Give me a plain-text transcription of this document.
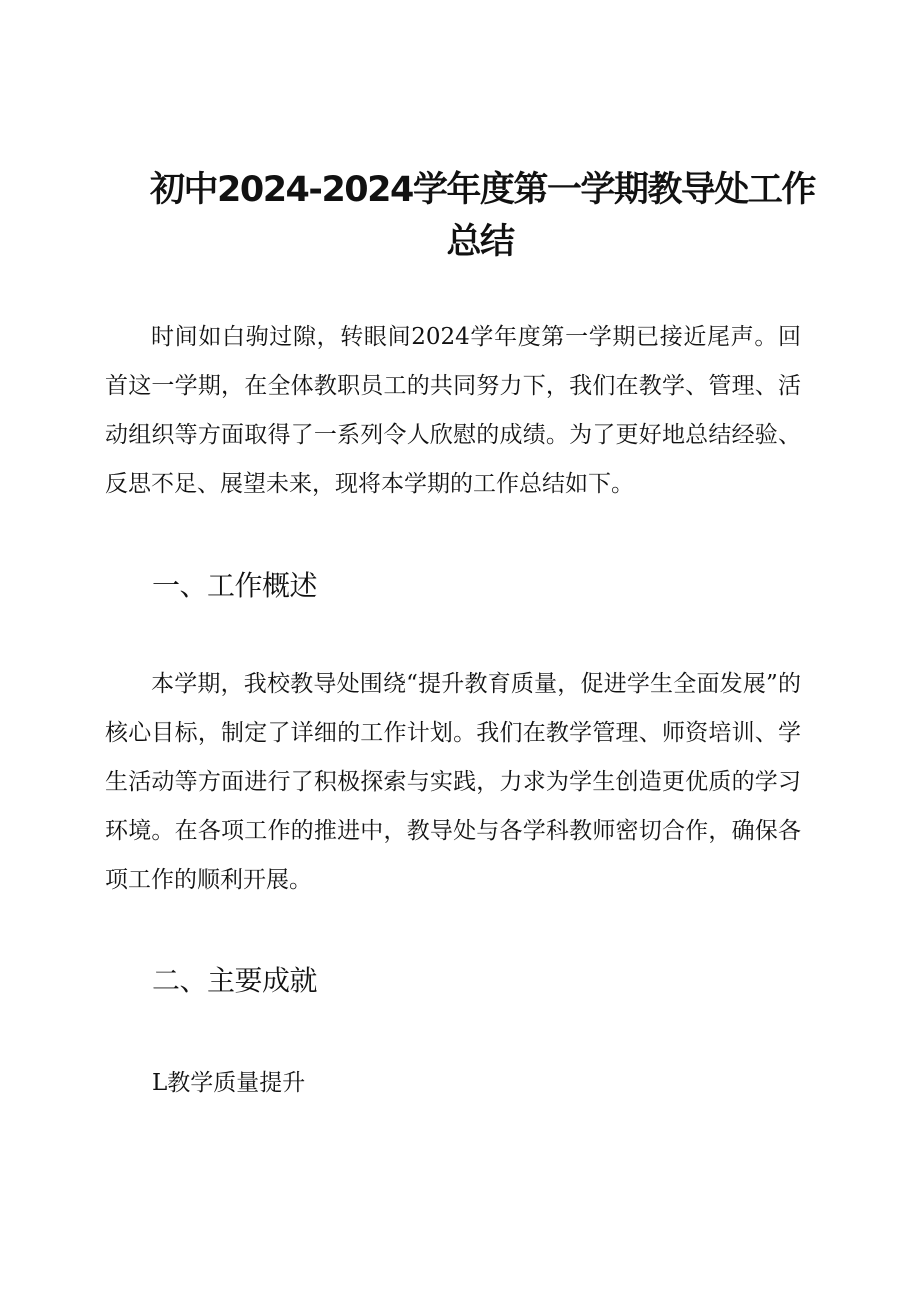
初中2024-2024学年度第一学期教导处工作
总结

时间如白驹过隙，转眼间2024学年度第一学期已接近尾声。回首这一学期，在全体教职员工的共同努力下，我们在教学、管理、活动组织等方面取得了一系列令人欣慰的成绩。为了更好地总结经验、反思不足、展望未来，现将本学期的工作总结如下。

一、工作概述

本学期，我校教导处围绕“提升教育质量，促进学生全面发展”的核心目标，制定了详细的工作计划。我们在教学管理、师资培训、学生活动等方面进行了积极探索与实践，力求为学生创造更优质的学习环境。在各项工作的推进中，教导处与各学科教师密切合作，确保各项工作的顺利开展。

二、主要成就

L教学质量提升
